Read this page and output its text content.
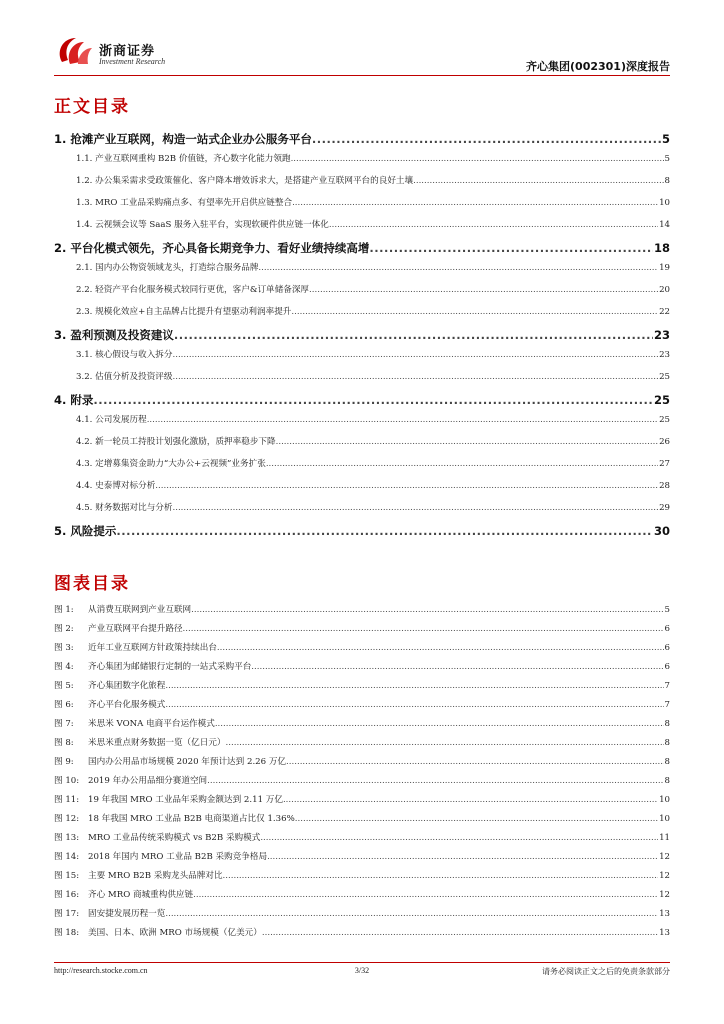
浙商证券
Investment Research	齐心集团(002301)深度报告
正文目录
1. 抢滩产业互联网，构造一站式企业办公服务平台 .....	5
1.1. 产业互联网重构 B2B 价值链，齐心数字化能力领跑 .....	5
1.2. 办公集采需求受政策催化、客户降本增效诉求大，是搭建产业互联网平台的良好土壤 .....	8
1.3. MRO 工业品采购痛点多、有望率先开启供应链整合 .....	10
1.4. 云视频会议等 SaaS 服务入驻平台，实现软硬件供应链一体化 .....	14
2. 平台化模式领先，齐心具备长期竞争力、看好业绩持续高增 .....	18
2.1. 国内办公物资领域龙头，打造综合服务品牌 .....	19
2.2. 轻资产平台化服务模式较同行更优，客户&订单储备深厚 .....	20
2.3. 规模化效应+自主品牌占比提升有望驱动利润率提升 .....	22
3. 盈利预测及投资建议 .....	23
3.1. 核心假设与收入拆分 .....	23
3.2. 估值分析及投资评级 .....	25
4. 附录 .....	25
4.1. 公司发展历程 .....	25
4.2. 新一轮员工持股计划强化激励，质押率稳步下降 .....	26
4.3. 定增募集资金助力“大办公+云视频”业务扩张 .....	27
4.4. 史泰博对标分析 .....	28
4.5. 财务数据对比与分析 .....	29
5. 风险提示 .....	30
图表目录
图 1: 从消费互联网到产业互联网 .....	5
图 2: 产业互联网平台提升路径 .....	6
图 3: 近年工业互联网方针政策持续出台 .....	6
图 4: 齐心集团为邮储银行定制的一站式采购平台 .....	6
图 5: 齐心集团数字化旅程 .....	7
图 6: 齐心平台化服务模式 .....	7
图 7: 米思米 VONA 电商平台运作模式 .....	8
图 8: 米思米重点财务数据一览（亿日元） .....	8
图 9: 国内办公用品市场规模 2020 年预计达到 2.26 万亿 .....	8
图 10: 2019 年办公用品细分赛道空间 .....	8
图 11: 19 年我国 MRO 工业品年采购金额达到 2.11 万亿 .....	10
图 12: 18 年我国 MRO 工业品 B2B 电商渠道占比仅 1.36% .....	10
图 13: MRO 工业品传统采购模式 vs B2B 采购模式 .....	11
图 14: 2018 年国内 MRO 工业品 B2B 采购竞争格局 .....	12
图 15: 主要 MRO B2B 采购龙头品牌对比 .....	12
图 16: 齐心 MRO 商城重构供应链 .....	12
图 17: 固安捷发展历程一览 .....	13
图 18: 美国、日本、欧洲 MRO 市场规模（亿美元） .....	13
http://research.stocke.com.cn	3/32	请务必阅读正文之后的免责条款部分
